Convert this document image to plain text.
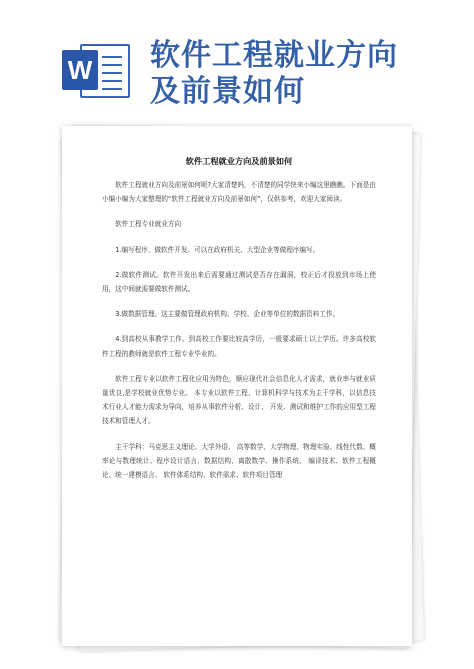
W 软件工程就业方向
及前景如何
软件工程就业方向及前景如何

软件工程就业方向及前景如何呢?大家清楚吗，不清楚的同学快来小编这里瞧瞧。下面是由小编小编为大家整理的“软件工程就业方向及前景如何”，仅供参考，欢迎大家阅读。

软件工程专业就业方向

1.编写程序、做软件开发。可以在政府机关、大型企业等做程序编写。

2.做软件测试。软件开发出来后需要通过测试是否存在漏洞，校正后才投放到市场上使用，这中间就需要做软件测试。

3.做数据管理。这主要做管理政府机构、学校、企业等单位的数据资料工作。

4.到高校从事教学工作。到高校工作要比较高学历，一般要求硕士以上学历。许多高校软件工程的教师就是软件工程专业毕业的。

软件工程专业以软件工程化应用为特色，顺应现代社会信息化人才需求，就业率与就业质量优良,是学校就业优势专业。 本专业以软件工程、计算机科学与技术为主干学科，以信息技术行业人才能力需求为导向，培养从事软件分析、设计、 开发、测试和维护工作的应用型工程技术和管理人才。

主干学科：马克思主义理论、大学外语、 高等数学、大学物理、物理实验、线性代数、概率论与数理统计、程序设计语言、数据结构、离散数学、操作系统、 编译技术、软件工程概论、统一建模语言、 软件体系结构、软件需求、软件项目管理
